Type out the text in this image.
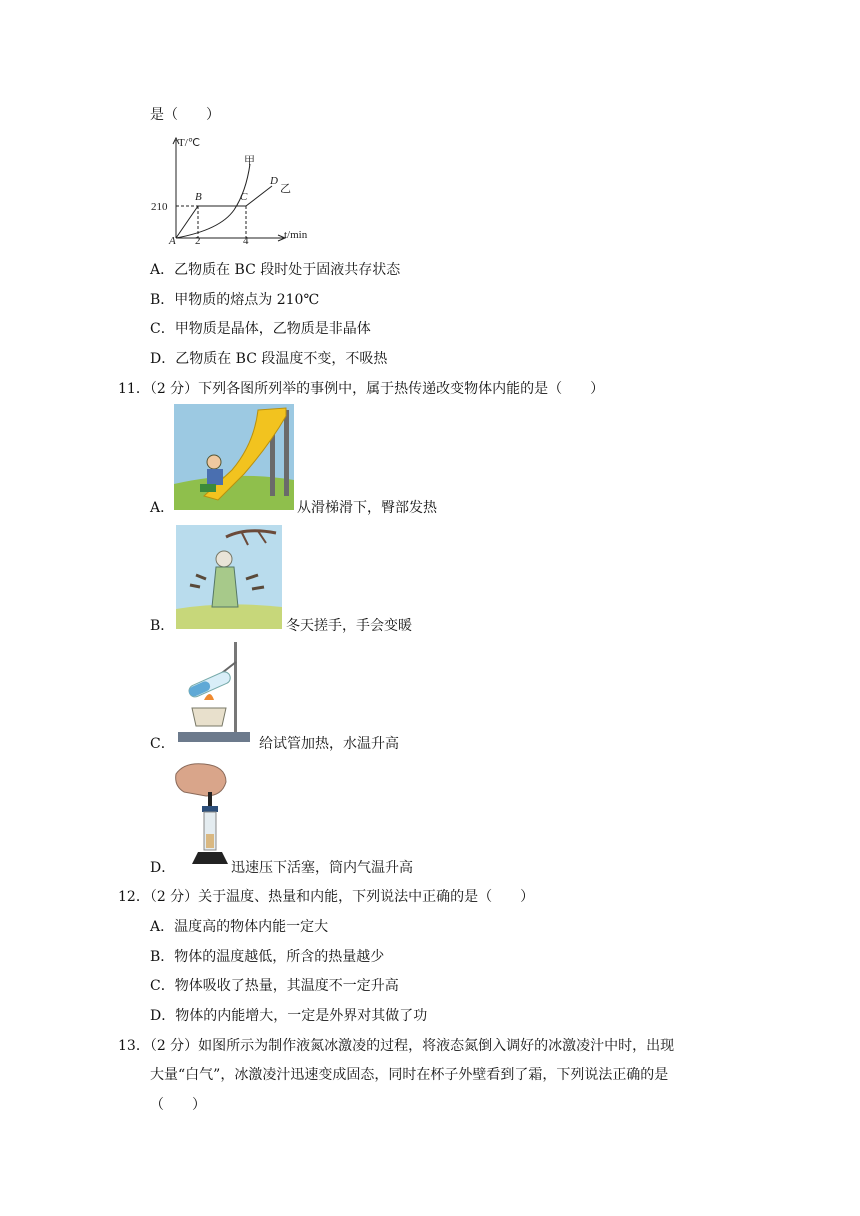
是（　　）
T/℃
t/min
210
2	4
A
B	C
D
甲
乙
A．乙物质在 BC 段时处于固液共存状态
B．甲物质的熔点为 210℃
C．甲物质是晶体，乙物质是非晶体
D．乙物质在 BC 段温度不变，不吸热
11．（2 分）下列各图所列举的事例中，属于热传递改变物体内能的是（　　）
A．	从滑梯滑下，臀部发热
B．	冬天搓手，手会变暖
C．	给试管加热，水温升高
D．	迅速压下活塞，筒内气温升高
12．（2 分）关于温度、热量和内能，下列说法中正确的是（　　）
A．温度高的物体内能一定大
B．物体的温度越低，所含的热量越少
C．物体吸收了热量，其温度不一定升高
D．物体的内能增大，一定是外界对其做了功
13．（2 分）如图所示为制作液氮冰激凌的过程，将液态氮倒入调好的冰激凌汁中时，出现
大量“白气”，冰激凌汁迅速变成固态，同时在杯子外壁看到了霜，下列说法正确的是
（　　）
